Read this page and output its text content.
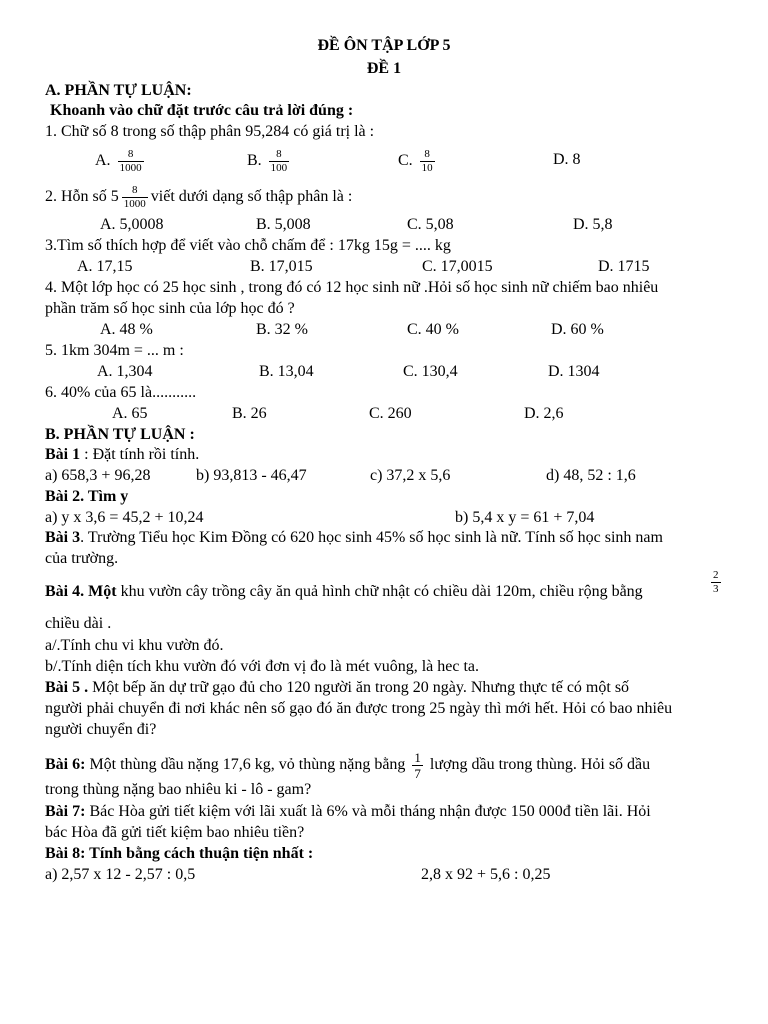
ĐỀ ÔN TẬP LỚP 5
ĐỀ 1
A. PHẦN TỰ LUẬN:
Khoanh vào chữ đặt trước câu trả lời đúng :
1. Chữ số 8 trong số thập phân 95,284 có giá trị là :
A. $\frac{8}{1000}$	B. $\frac{8}{100}$	C. $\frac{8}{10}$	D. 8
2. Hỗn số $5 \frac{8}{1000}$ viết dưới dạng số thập phân là :
A. 5,0008	B. 5,008	C. 5,08	D. 5,8
3.Tìm số thích hợp để viết vào chỗ chấm để : 17kg 15g = .... kg
A. 17,15	B. 17,015	C. 17,0015	D. 1715
4. Một lớp học có 25 học sinh , trong đó có 12 học sinh nữ .Hỏi số học sinh nữ chiếm bao nhiêu
phần trăm số học sinh của lớp học đó ?
A. 48 %	B. 32 %	C. 40 %	D. 60 %
5. 1km 304m = ... m :
A. 1,304	B. 13,04	C. 130,4	D. 1304
6. 40% của 65 là...........
A. 65	B. 26	C. 260	D. 2,6
B. PHẦN TỰ LUẬN :
Bài 1 : Đặt tính rồi tính.
a) 658,3 + 96,28	b) 93,813 - 46,47	c) 37,2 x 5,6	d) 48, 52 : 1,6
Bài 2. Tìm y
a) y x 3,6 = 45,2 + 10,24	b) 5,4 x y = 61 + 7,04
Bài 3. Trường Tiểu học Kim Đồng có 620 học sinh 45% số học sinh là nữ. Tính số học sinh nam
của trường.
Bài 4. Một khu vườn cây trồng cây ăn quả hình chữ nhật có chiều dài 120m, chiều rộng bằng	$\frac{2}{3}$
chiều dài .
a/.Tính chu vi khu vườn đó.
b/.Tính diện tích khu vườn đó với đơn vị đo là mét vuông, là hec ta.
Bài 5 . Một bếp ăn dự trữ gạo đủ cho 120 người ăn trong 20 ngày. Nhưng thực tế có một số
người phải chuyển đi nơi khác nên số gạo đó ăn được trong 25 ngày thì mới hết. Hỏi có bao nhiêu
người chuyển đi?
Bài 6: Một thùng dầu nặng 17,6 kg, vỏ thùng nặng bằng $\frac{1}{7}$ lượng dầu trong thùng. Hỏi số dầu
trong thùng nặng bao nhiêu ki - lô - gam?
Bài 7: Bác Hòa gửi tiết kiệm với lãi xuất là 6% và mỗi tháng nhận được 150 000đ tiền lãi. Hỏi
bác Hòa đã gửi tiết kiệm bao nhiêu tiền?
Bài 8: Tính bằng cách thuận tiện nhất :
a) 2,57 x 12 - 2,57 : 0,5	2,8 x 92 + 5,6 : 0,25
